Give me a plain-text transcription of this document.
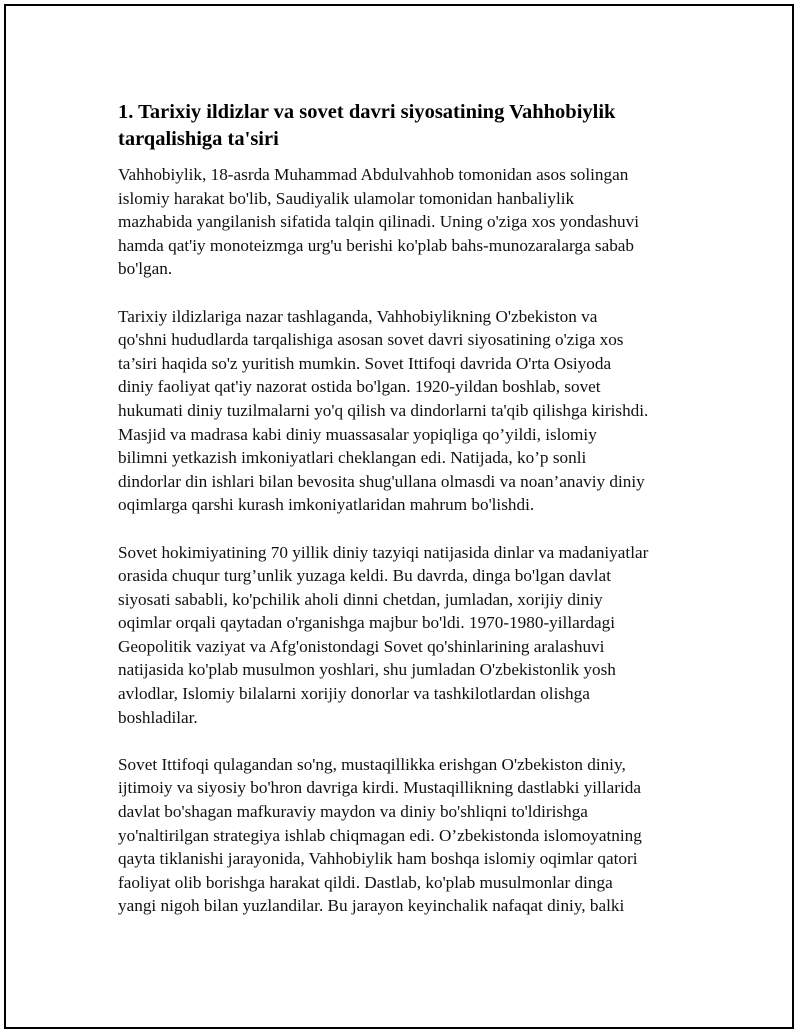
1. Tarixiy ildizlar va sovet davri siyosatining Vahhobiylik
tarqalishiga ta'siri

Vahhobiylik, 18-asrda Muhammad Abdulvahhob tomonidan asos solingan
islomiy harakat bo'lib, Saudiyalik ulamolar tomonidan hanbaliylik
mazhabida yangilanish sifatida talqin qilinadi. Uning o'ziga xos yondashuvi
hamda qat'iy monoteizmga urg'u berishi ko'plab bahs-munozaralarga sabab
bo'lgan.

Tarixiy ildizlariga nazar tashlaganda, Vahhobiylikning O'zbekiston va
qo'shni hududlarda tarqalishiga asosan sovet davri siyosatining o'ziga xos
ta’siri haqida so'z yuritish mumkin. Sovet Ittifoqi davrida O'rta Osiyoda
diniy faoliyat qat'iy nazorat ostida bo'lgan. 1920-yildan boshlab, sovet
hukumati diniy tuzilmalarni yo'q qilish va dindorlarni ta'qib qilishga kirishdi.
Masjid va madrasa kabi diniy muassasalar yopiqliga qo’yildi, islomiy
bilimni yetkazish imkoniyatlari cheklangan edi. Natijada, ko’p sonli
dindorlar din ishlari bilan bevosita shug'ullana olmasdi va noan’anaviy diniy
oqimlarga qarshi kurash imkoniyatlaridan mahrum bo'lishdi.

Sovet hokimiyatining 70 yillik diniy tazyiqi natijasida dinlar va madaniyatlar
orasida chuqur turg’unlik yuzaga keldi. Bu davrda, dinga bo'lgan davlat
siyosati sababli, ko'pchilik aholi dinni chetdan, jumladan, xorijiy diniy
oqimlar orqali qaytadan o'rganishga majbur bo'ldi. 1970-1980-yillardagi
Geopolitik vaziyat va Afg'onistondagi Sovet qo'shinlarining aralashuvi
natijasida ko'plab musulmon yoshlari, shu jumladan O'zbekistonlik yosh
avlodlar, Islomiy bilalarni xorijiy donorlar va tashkilotlardan olishga
boshladilar.

Sovet Ittifoqi qulagandan so'ng, mustaqillikka erishgan O'zbekiston diniy,
ijtimoiy va siyosiy bo'hron davriga kirdi. Mustaqillikning dastlabki yillarida
davlat bo'shagan mafkuraviy maydon va diniy bo'shliqni to'ldirishga
yo'naltirilgan strategiya ishlab chiqmagan edi. O’zbekistonda islomoyatning
qayta tiklanishi jarayonida, Vahhobiylik ham boshqa islomiy oqimlar qatori
faoliyat olib borishga harakat qildi. Dastlab, ko'plab musulmonlar dinga
yangi nigoh bilan yuzlandilar. Bu jarayon keyinchalik nafaqat diniy, balki
